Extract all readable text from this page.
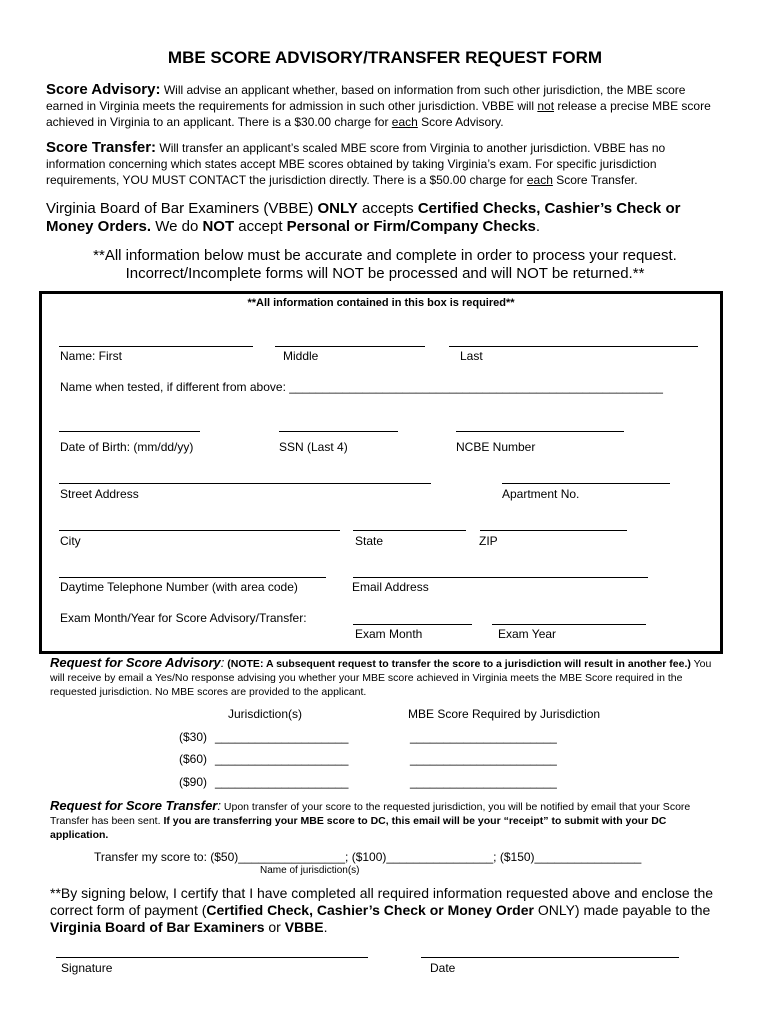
MBE SCORE ADVISORY/TRANSFER REQUEST FORM
Score Advisory: Will advise an applicant whether, based on information from such other jurisdiction, the MBE score earned in Virginia meets the requirements for admission in such other jurisdiction. VBBE will not release a precise MBE score achieved in Virginia to an applicant. There is a $30.00 charge for each Score Advisory.
Score Transfer: Will transfer an applicant’s scaled MBE score from Virginia to another jurisdiction. VBBE has no information concerning which states accept MBE scores obtained by taking Virginia’s exam. For specific jurisdiction requirements, YOU MUST CONTACT the jurisdiction directly. There is a $50.00 charge for each Score Transfer.
Virginia Board of Bar Examiners (VBBE) ONLY accepts Certified Checks, Cashier’s Check or Money Orders. We do NOT accept Personal or Firm/Company Checks.
**All information below must be accurate and complete in order to process your request.
Incorrect/Incomplete forms will NOT be processed and will NOT be returned.**
**All information contained in this box is required**
Name: First	Middle	Last
Name when tested, if different from above: ________________________________________________________
Date of Birth: (mm/dd/yy)	SSN (Last 4)	NCBE Number
Street Address	Apartment No.
City	State	ZIP
Daytime Telephone Number (with area code)	Email Address
Exam Month/Year for Score Advisory/Transfer:
Exam Month	Exam Year
Request for Score Advisory: (NOTE: A subsequent request to transfer the score to a jurisdiction will result in another fee.) You will receive by email a Yes/No response advising you whether your MBE score achieved in Virginia meets the MBE Score required in the requested jurisdiction. No MBE scores are provided to the applicant.
Jurisdiction(s)	MBE Score Required by Jurisdiction
($30) ____________________	______________________
($60) ____________________	______________________
($90) ____________________	______________________
Request for Score Transfer: Upon transfer of your score to the requested jurisdiction, you will be notified by email that your Score Transfer has been sent. If you are transferring your MBE score to DC, this email will be your “receipt” to submit with your DC application.
Transfer my score to: ($50)________________; ($100)________________; ($150)________________
Name of jurisdiction(s)
**By signing below, I certify that I have completed all required information requested above and enclose the correct form of payment (Certified Check, Cashier’s Check or Money Order ONLY) made payable to the Virginia Board of Bar Examiners or VBBE.
Signature	Date
